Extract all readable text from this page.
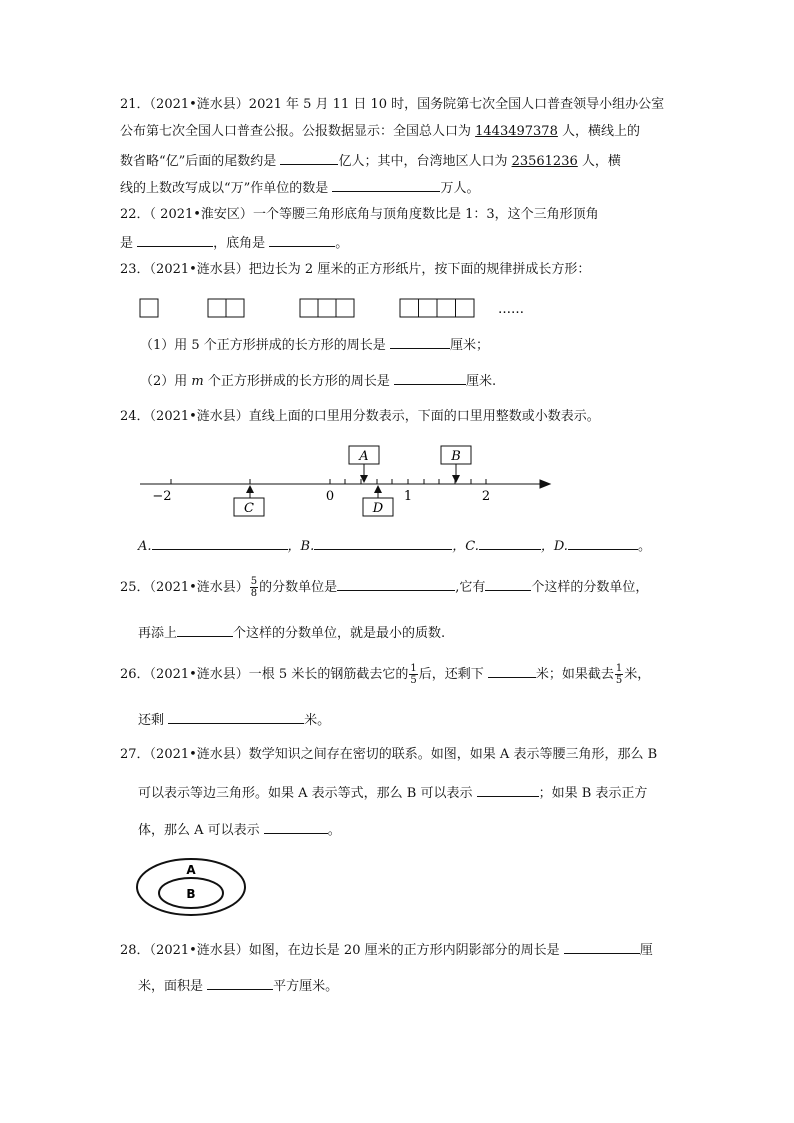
21．（2021•涟水县）2021 年 5 月 11 日 10 时，国务院第七次全国人口普查领导小组办公室
公布第七次全国人口普查公报。公报数据显示：全国总人口为 1443497378 人，横线上的
数省略“亿”后面的尾数约是	亿人；其中，台湾地区人口为 23561236 人，横
线的上数改写成以“万”作单位的数是	万人。
22．（ 2021•淮安区）一个等腰三角形底角与顶角度数比是 1：3，这个三角形顶角
是	，底角是	。
23．（2021•涟水县）把边长为 2 厘米的正方形纸片，按下面的规律拼成长方形：
……
（1）用 5 个正方形拼成的长方形的周长是	厘米；
（2）用 m 个正方形拼成的长方形的周长是	厘米.
24．（2021•涟水县）直线上面的口里用分数表示，下面的口里用整数或小数表示。
A	B
C	D
−2	0	1	2
A.	，B.	，C.	，D.	。
25．（2021•涟水县） $\frac{5}{8}$ 的分数单位是	,它有	个这样的分数单位，
再添上	个这样的分数单位，就是最小的质数.
26．（2021•涟水县）一根 5 米长的钢筋截去它的 $\frac{1}{5}$ 后，还剩下	米；如果截去 $\frac{1}{5}$ 米，
还剩	米。
27．（2021•涟水县）数学知识之间存在密切的联系。如图，如果 A 表示等腰三角形，那么 B
可以表示等边三角形。如果 A 表示等式，那么 B 可以表示	；如果 B 表示正方
体，那么 A 可以表示	。
A
B
28．（2021•涟水县）如图，在边长是 20 厘米的正方形内阴影部分的周长是	厘
米，面积是	平方厘米。
